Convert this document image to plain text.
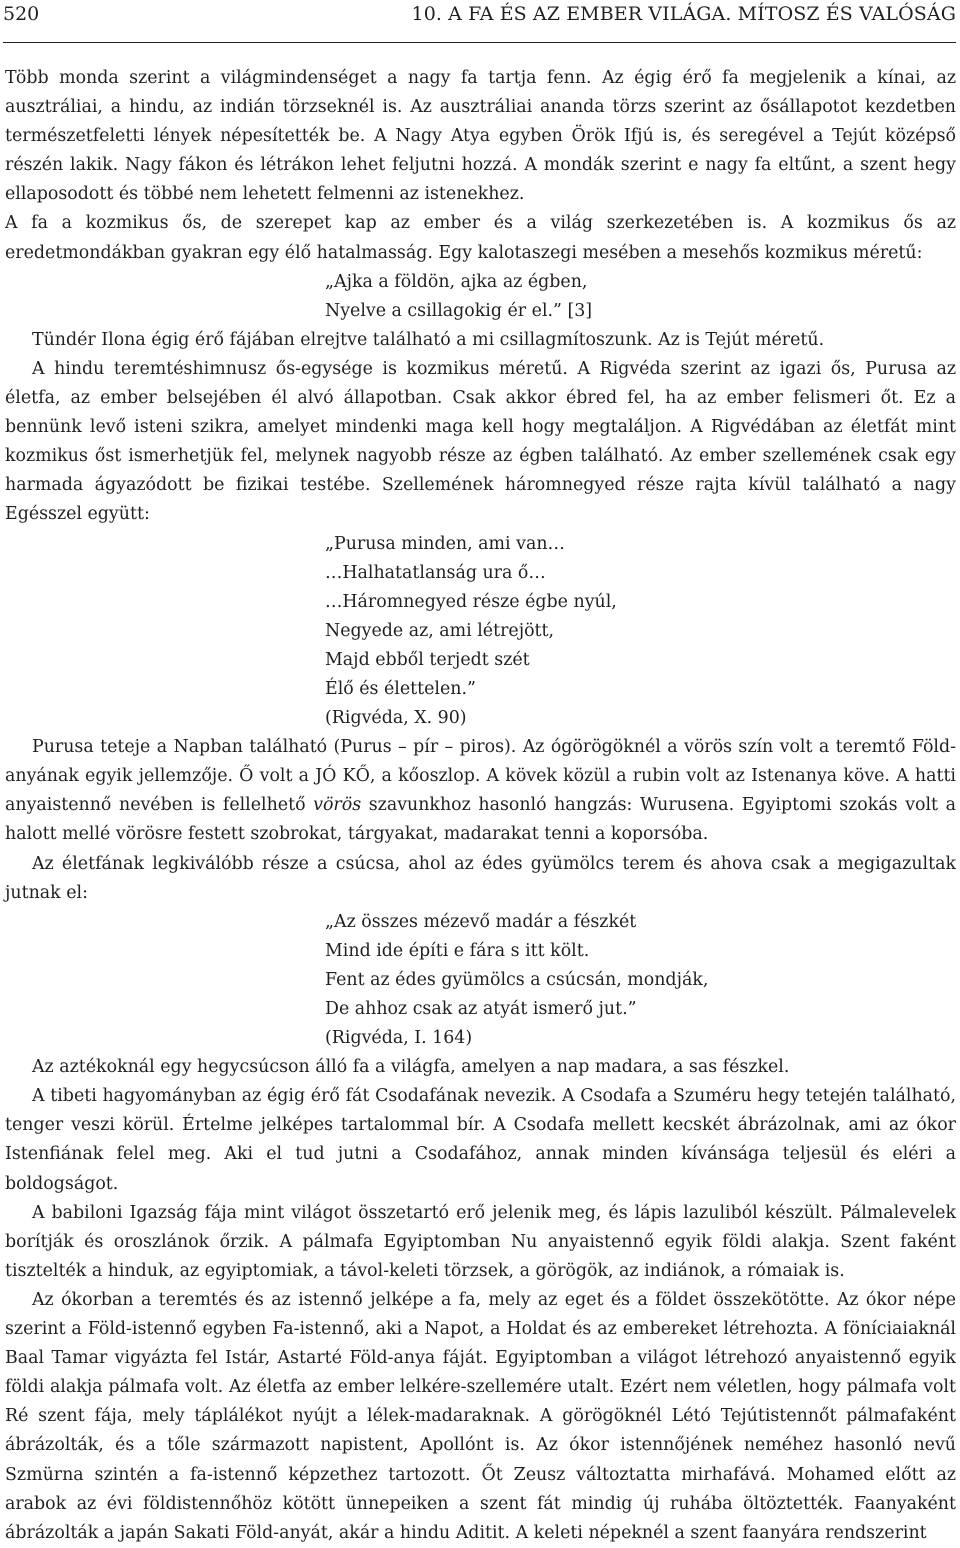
520	10. A FA ÉS AZ EMBER VILÁGA. MÍTOSZ ÉS VALÓSÁG

Több monda szerint a világmindenséget a nagy fa tartja fenn. Az égig érő fa megjelenik a kínai, az ausztráliai, a hindu, az indián törzseknél is. Az ausztráliai ananda törzs szerint az ősállapotot kezdetben természetfeletti lények népesítették be. A Nagy Atya egyben Örök Ifjú is, és seregével a Tejút középső részén lakik. Nagy fákon és létrákon lehet feljutni hozzá. A mondák szerint e nagy fa eltűnt, a szent hegy ellaposodott és többé nem lehetett felmenni az istenekhez.

A fa a kozmikus ős, de szerepet kap az ember és a világ szerkezetében is. A kozmikus ős az eredetmondákban gyakran egy élő hatalmasság. Egy kalotaszegi mesében a mesehős kozmikus méretű:

„Ajka a földön, ajka az égben,
Nyelve a csillagokig ér el.” [3]

Tündér Ilona égig érő fájában elrejtve található a mi csillagmítoszunk. Az is Tejút méretű.

A hindu teremtéshimnusz ős-egysége is kozmikus méretű. A Rigvéda szerint az igazi ős, Purusa az életfa, az ember belsejében él alvó állapotban. Csak akkor ébred fel, ha az ember felismeri őt. Ez a bennünk levő isteni szikra, amelyet mindenki maga kell hogy megtaláljon. A Rigvédában az életfát mint kozmikus őst ismerhetjük fel, melynek nagyobb része az égben található. Az ember szellemének csak egy harmada ágyazódott be fizikai testébe. Szellemének háromnegyed része rajta kívül található a nagy Egésszel együtt:

„Purusa minden, ami van…
…Halhatatlanság ura ő…
…Háromnegyed része égbe nyúl,
Negyede az, ami létrejött,
Majd ebből terjedt szét
Élő és élettelen.”
(Rigvéda, X. 90)

Purusa teteje a Napban található (Purus – pír – piros). Az ógörögöknél a vörös szín volt a teremtő Föld-anyának egyik jellemzője. Ő volt a JÓ KŐ, a kőoszlop. A kövek közül a rubin volt az Istenanya köve. A hatti anyaistennő nevében is fellelhető vörös szavunkhoz hasonló hangzás: Wurusena. Egyiptomi szokás volt a halott mellé vörösre festett szobrokat, tárgyakat, madarakat tenni a koporsóba.

Az életfának legkiválóbb része a csúcsa, ahol az édes gyümölcs terem és ahova csak a megigazultak jutnak el:

„Az összes mézevő madár a fészkét
Mind ide építi e fára s itt költ.
Fent az édes gyümölcs a csúcsán, mondják,
De ahhoz csak az atyát ismerő jut.”
(Rigvéda, I. 164)

Az aztékoknál egy hegycsúcson álló fa a világfa, amelyen a nap madara, a sas fészkel.

A tibeti hagyományban az égig érő fát Csodafának nevezik. A Csodafa a Szuméru hegy tetején található, tenger veszi körül. Értelme jelképes tartalommal bír. A Csodafa mellett kecskét ábrázolnak, ami az ókor Istenfiának felel meg. Aki el tud jutni a Csodafához, annak minden kívánsága teljesül és eléri a boldogságot.

A babiloni Igazság fája mint világot összetartó erő jelenik meg, és lápis lazuliból készült. Pálmalevelek borítják és oroszlánok őrzik. A pálmafa Egyiptomban Nu anyaistennő egyik földi alakja. Szent faként tisztelték a hinduk, az egyiptomiak, a távol-keleti törzsek, a görögök, az indiánok, a rómaiak is.

Az ókorban a teremtés és az istennő jelképe a fa, mely az eget és a földet összekötötte. Az ókor népe szerint a Föld-istennő egyben Fa-istennő, aki a Napot, a Holdat és az embereket létrehozta. A föníciaiaknál Baal Tamar vigyázta fel Istár, Astarté Föld-anya fáját. Egyiptomban a világot létrehozó anyaistennő egyik földi alakja pálmafa volt. Az életfa az ember lelkére-szellemére utalt. Ezért nem véletlen, hogy pálmafa volt Ré szent fája, mely táplálékot nyújt a lélek-madaraknak. A görögöknél Létó Tejútistennőt pálmafaként ábrázolták, és a tőle származott napistent, Apollónt is. Az ókor istennőjének neméhez hasonló nevű Szmürna szintén a fa-istennő képzethez tartozott. Őt Zeusz változtatta mirhafává. Mohamed előtt az arabok az évi földistennőhöz kötött ünnepeiken a szent fát mindig új ruhába öltöztették. Faanyaként ábrázolták a japán Sakati Föld-anyát, akár a hindu Aditit. A keleti népeknél a szent faanyára rendszerint
